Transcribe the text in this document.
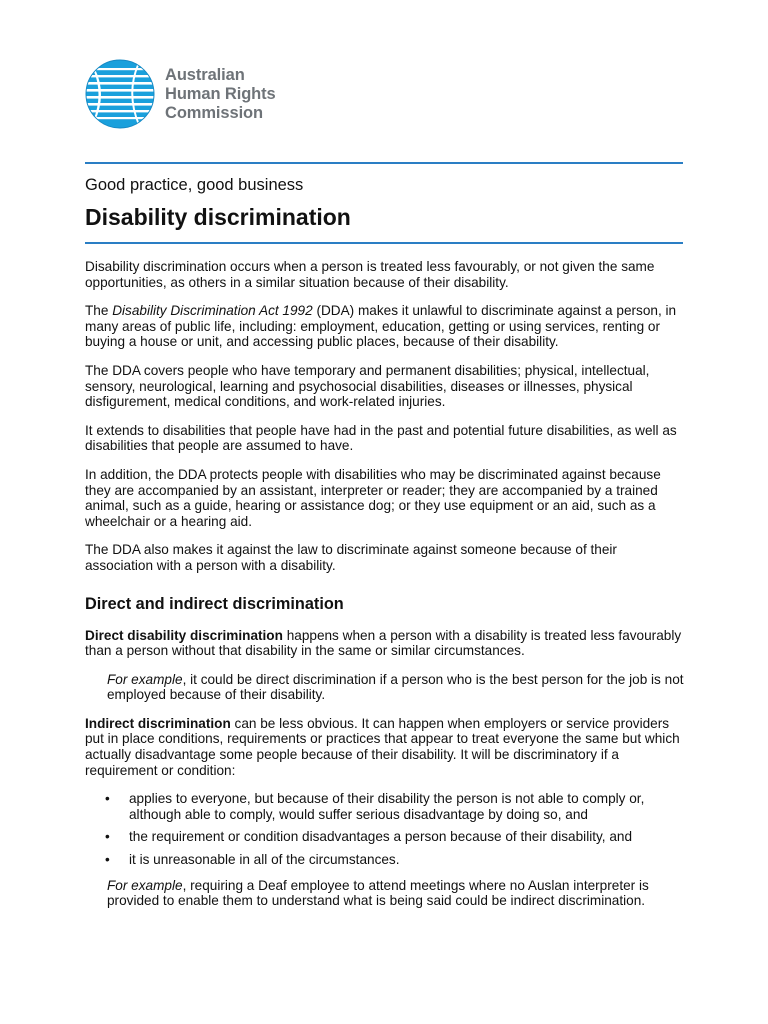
Australian
Human Rights
Commission
Good practice, good business
Disability discrimination

Disability discrimination occurs when a person is treated less favourably, or not given the same opportunities, as others in a similar situation because of their disability.

The Disability Discrimination Act 1992 (DDA) makes it unlawful to discriminate against a person, in many areas of public life, including: employment, education, getting or using services, renting or buying a house or unit, and accessing public places, because of their disability.

The DDA covers people who have temporary and permanent disabilities; physical, intellectual, sensory, neurological, learning and psychosocial disabilities, diseases or illnesses, physical disfigurement, medical conditions, and work-related injuries.

It extends to disabilities that people have had in the past and potential future disabilities, as well as disabilities that people are assumed to have.

In addition, the DDA protects people with disabilities who may be discriminated against because they are accompanied by an assistant, interpreter or reader; they are accompanied by a trained animal, such as a guide, hearing or assistance dog; or they use equipment or an aid, such as a wheelchair or a hearing aid.

The DDA also makes it against the law to discriminate against someone because of their association with a person with a disability.

Direct and indirect discrimination

Direct disability discrimination happens when a person with a disability is treated less favourably than a person without that disability in the same or similar circumstances.

For example, it could be direct discrimination if a person who is the best person for the job is not employed because of their disability.

Indirect discrimination can be less obvious. It can happen when employers or service providers put in place conditions, requirements or practices that appear to treat everyone the same but which actually disadvantage some people because of their disability. It will be discriminatory if a requirement or condition:

• applies to everyone, but because of their disability the person is not able to comply or, although able to comply, would suffer serious disadvantage by doing so, and
• the requirement or condition disadvantages a person because of their disability, and
• it is unreasonable in all of the circumstances.

For example, requiring a Deaf employee to attend meetings where no Auslan interpreter is provided to enable them to understand what is being said could be indirect discrimination.
